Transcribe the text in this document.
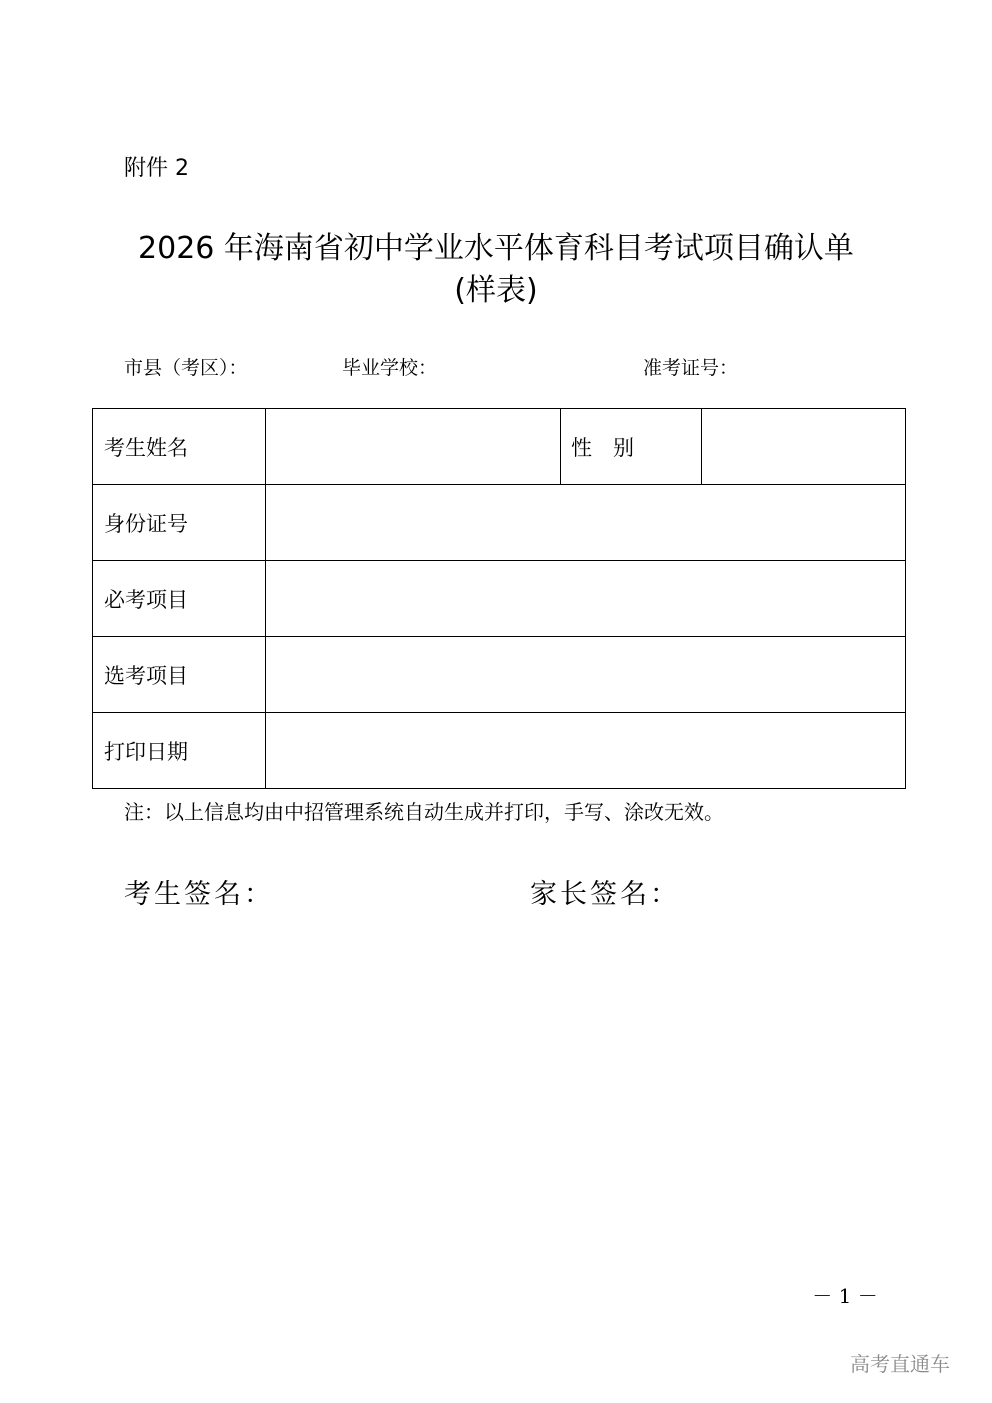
附件 2
2026 年海南省初中学业水平体育科目考试项目确认单
(样表)
市县（考区）：	毕业学校：	准考证号：
考生姓名		性　别	
身份证号			
必考项目			
选考项目			
打印日期			
注：以上信息均由中招管理系统自动生成并打印，手写、涂改无效。
考生签名：	家长签名：
－ 1 －
高考直通车
